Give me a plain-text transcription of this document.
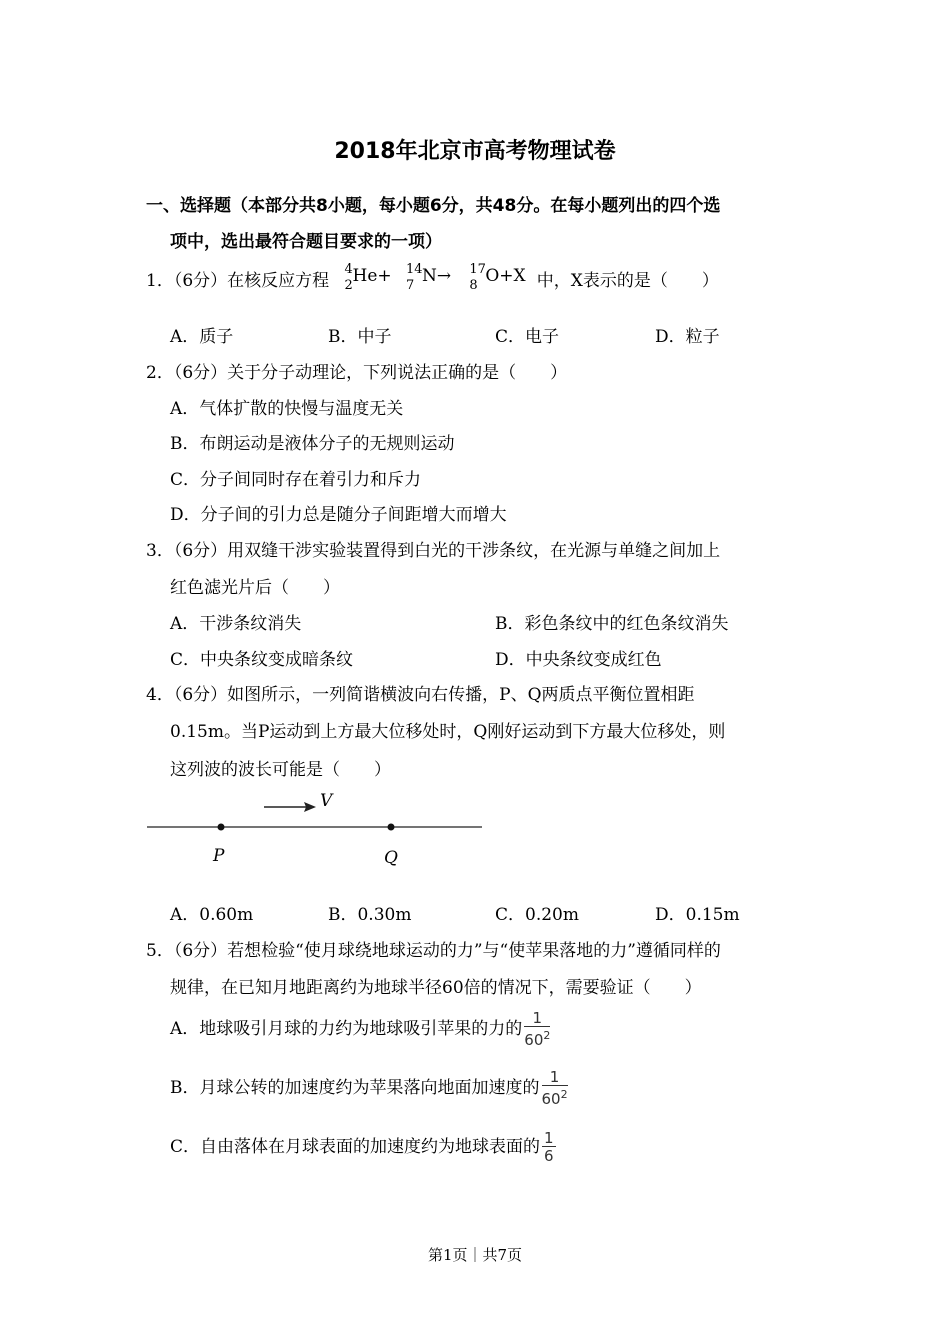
2018年北京市高考物理试卷
一、选择题（本部分共8小题，每小题6分，共48分。在每小题列出的四个选
项中，选出最符合题目要求的一项）
1．（6分）在核反应方程
4
2 He+
14
7 N→
17
8 O+X 中，X表示的是（　　）
A．质子	B．中子	C．电子	D．粒子
2．（6分）关于分子动理论，下列说法正确的是（　　）
A．气体扩散的快慢与温度无关
B．布朗运动是液体分子的无规则运动
C．分子间同时存在着引力和斥力
D．分子间的引力总是随分子间距增大而增大
3．（6分）用双缝干涉实验装置得到白光的干涉条纹，在光源与单缝之间加上
红色滤光片后（　　）
A．干涉条纹消失	B．彩色条纹中的红色条纹消失
C．中央条纹变成暗条纹	D．中央条纹变成红色
4．（6分）如图所示，一列简谐横波向右传播，P、Q两质点平衡位置相距
0.15m。当P运动到上方最大位移处时，Q刚好运动到下方最大位移处，则
这列波的波长可能是（　　）
V
P	Q
A．0.60m	B．0.30m	C．0.20m	D．0.15m
5．（6分）若想检验“使月球绕地球运动的力”与“使苹果落地的力”遵循同样的
规律，在已知月地距离约为地球半径60倍的情况下，需要验证（　　）
A．地球吸引月球的力约为地球吸引苹果的力的 $\frac{1}{60^2}$
B．月球公转的加速度约为苹果落向地面加速度的 $\frac{1}{60^2}$
C．自由落体在月球表面的加速度约为地球表面的 $\frac{1}{6}$
第1页｜共7页
